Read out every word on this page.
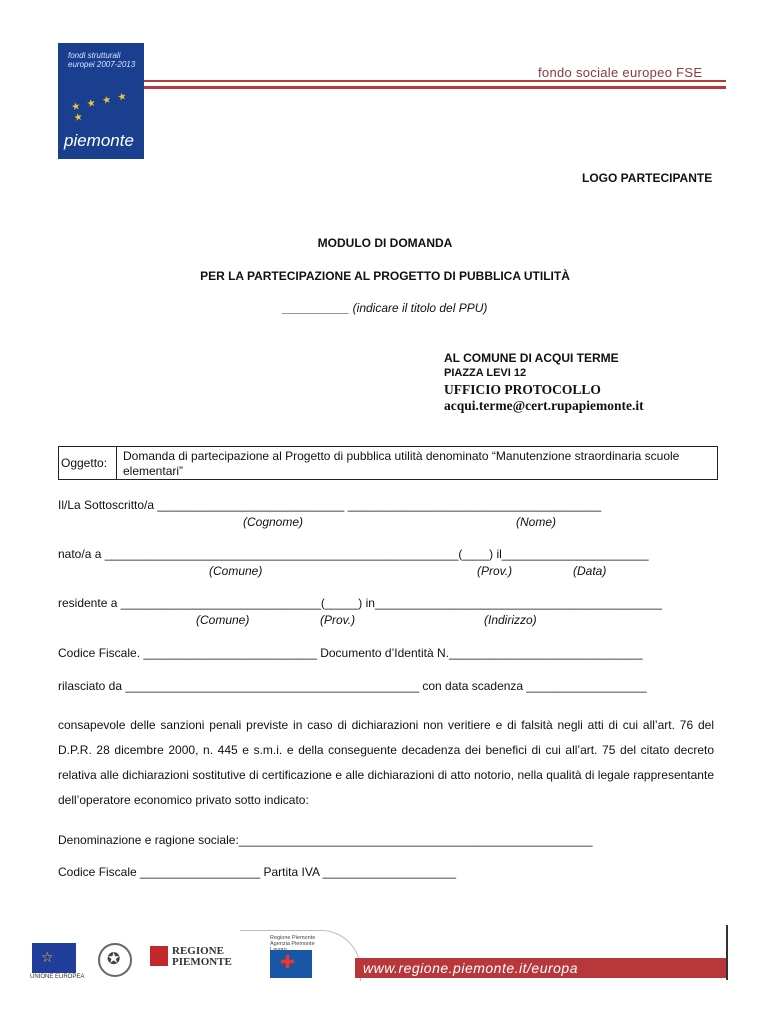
fondi strutturali europei 2007-2013
★ ★ ★ ★ ★
piemonte
fondo sociale europeo FSE
LOGO PARTECIPANTE
MODULO DI DOMANDA
PER LA PARTECIPAZIONE AL PROGETTO DI PUBBLICA UTILITÀ
__________ (indicare il titolo del PPU)
AL COMUNE DI ACQUI TERME
PIAZZA LEVI 12
UFFICIO PROTOCOLLO
acqui.terme@cert.rupapiemonte.it
Oggetto:	Domanda di partecipazione al Progetto di pubblica utilità denominato “Manutenzione straordinaria scuole elementari”
Il/La Sottoscritto/a ____________________________ ______________________________________
(Cognome)	(Nome)
nato/a a _____________________________________________________(____) il______________________
(Comune)	(Prov.)	(Data)
residente a ______________________________(_____) in___________________________________________
(Comune)	(Prov.)	(Indirizzo)
Codice Fiscale. __________________________ Documento d’Identità N._____________________________
rilasciato da ____________________________________________ con data scadenza __________________
consapevole delle sanzioni penali previste in caso di dichiarazioni non veritiere e di falsità negli atti di cui all’art. 76 del D.P.R. 28 dicembre 2000, n. 445 e s.m.i. e della conseguente decadenza dei benefici di cui all’art. 75 del citato decreto relativa alle dichiarazioni sostitutive di certificazione e alle dichiarazioni di atto notorio, nella qualità di legale rappresentante dell’operatore economico privato sotto indicato:
Denominazione e ragione sociale:_____________________________________________________
Codice Fiscale __________________ Partita IVA ____________________
☆
UNIONE EUROPEA
✪	REGIONE
PIEMONTE
Regione Piemonte Agenzia Piemonte
✚	www.regione.piemonte.it/europa
